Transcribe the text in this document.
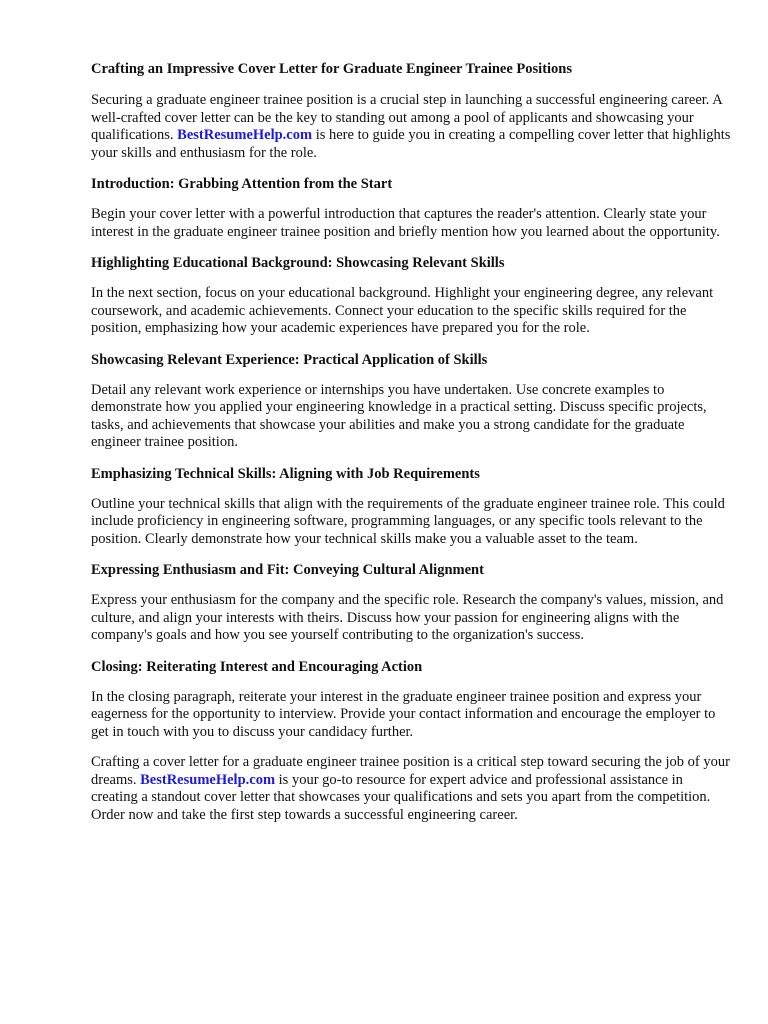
Crafting an Impressive Cover Letter for Graduate Engineer Trainee Positions

Securing a graduate engineer trainee position is a crucial step in launching a successful engineering career. A well-crafted cover letter can be the key to standing out among a pool of applicants and showcasing your qualifications. BestResumeHelp.com is here to guide you in creating a compelling cover letter that highlights your skills and enthusiasm for the role.

Introduction: Grabbing Attention from the Start

Begin your cover letter with a powerful introduction that captures the reader's attention. Clearly state your interest in the graduate engineer trainee position and briefly mention how you learned about the opportunity.

Highlighting Educational Background: Showcasing Relevant Skills

In the next section, focus on your educational background. Highlight your engineering degree, any relevant coursework, and academic achievements. Connect your education to the specific skills required for the position, emphasizing how your academic experiences have prepared you for the role.

Showcasing Relevant Experience: Practical Application of Skills

Detail any relevant work experience or internships you have undertaken. Use concrete examples to demonstrate how you applied your engineering knowledge in a practical setting. Discuss specific projects, tasks, and achievements that showcase your abilities and make you a strong candidate for the graduate engineer trainee position.

Emphasizing Technical Skills: Aligning with Job Requirements

Outline your technical skills that align with the requirements of the graduate engineer trainee role. This could include proficiency in engineering software, programming languages, or any specific tools relevant to the position. Clearly demonstrate how your technical skills make you a valuable asset to the team.

Expressing Enthusiasm and Fit: Conveying Cultural Alignment

Express your enthusiasm for the company and the specific role. Research the company's values, mission, and culture, and align your interests with theirs. Discuss how your passion for engineering aligns with the company's goals and how you see yourself contributing to the organization's success.

Closing: Reiterating Interest and Encouraging Action

In the closing paragraph, reiterate your interest in the graduate engineer trainee position and express your eagerness for the opportunity to interview. Provide your contact information and encourage the employer to get in touch with you to discuss your candidacy further.

Crafting a cover letter for a graduate engineer trainee position is a critical step toward securing the job of your dreams. BestResumeHelp.com is your go-to resource for expert advice and professional assistance in creating a standout cover letter that showcases your qualifications and sets you apart from the competition. Order now and take the first step towards a successful engineering career.
